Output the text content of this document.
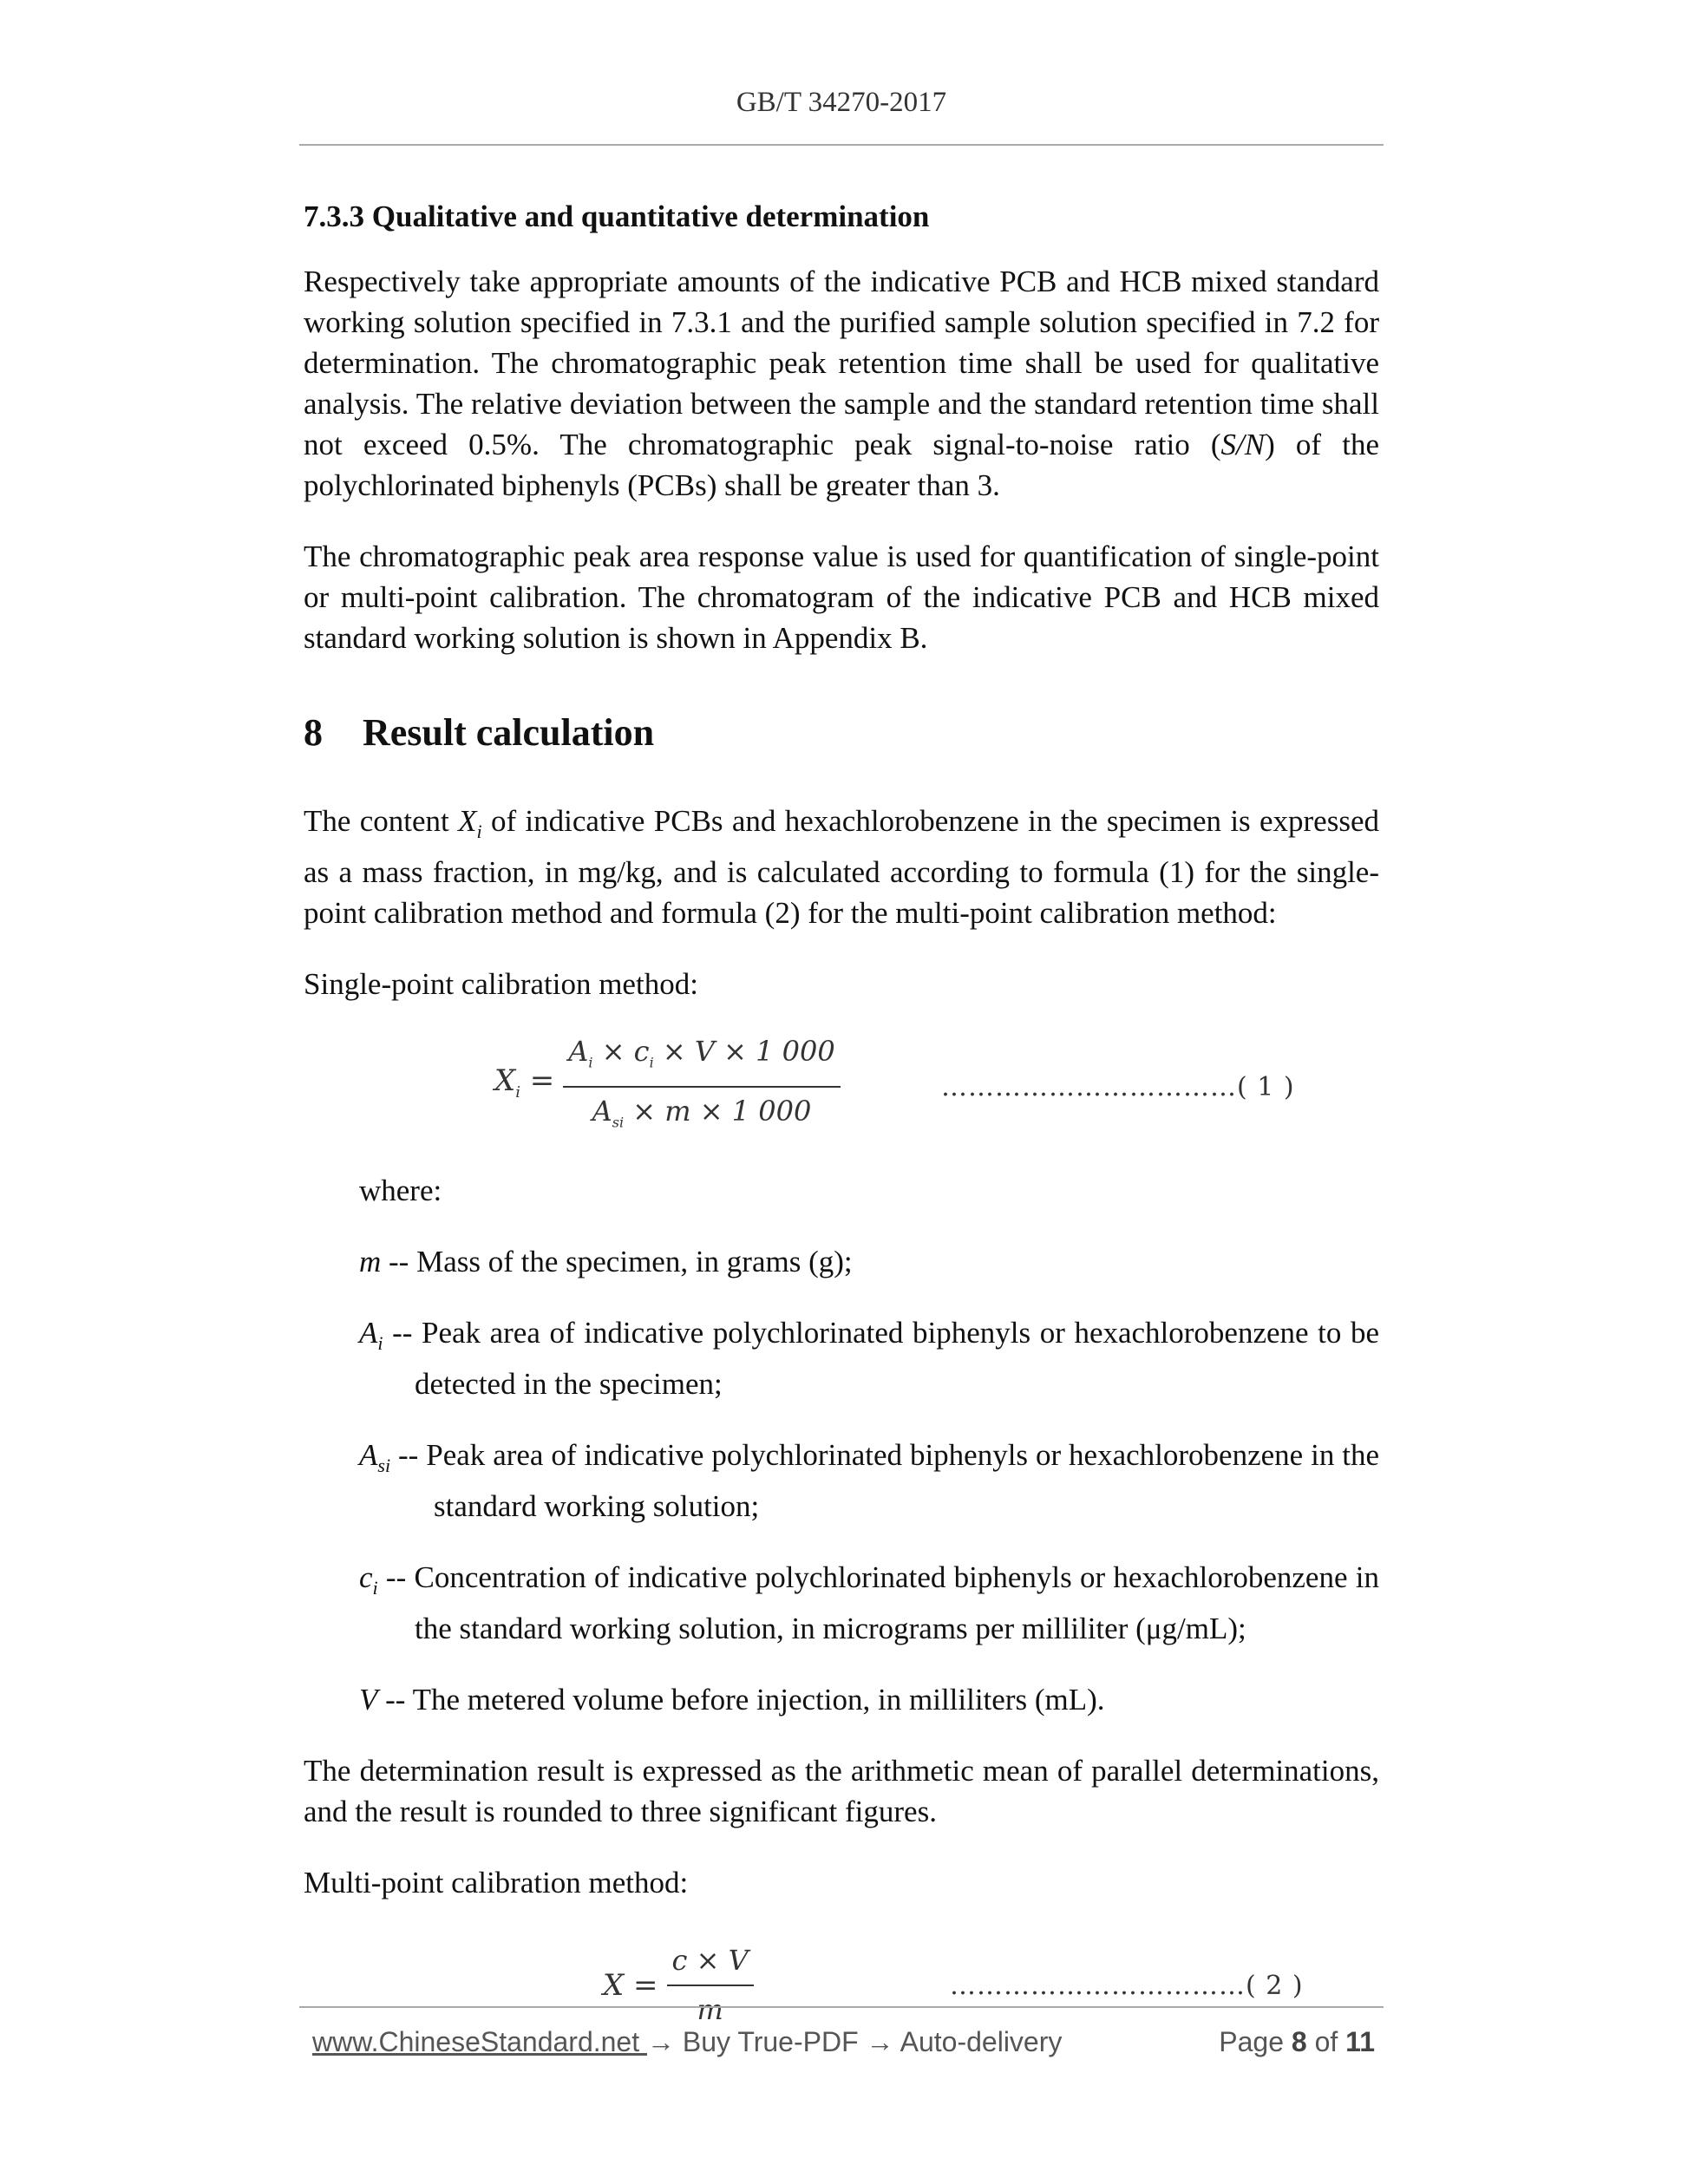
GB/T 34270-2017
7.3.3 Qualitative and quantitative determination

Respectively take appropriate amounts of the indicative PCB and HCB mixed standard working solution specified in 7.3.1 and the purified sample solution specified in 7.2 for determination. The chromatographic peak retention time shall be used for qualitative analysis. The relative deviation between the sample and the standard retention time shall not exceed 0.5%. The chromatographic peak signal-to-noise ratio (S/N) of the polychlorinated biphenyls (PCBs) shall be greater than 3.

The chromatographic peak area response value is used for quantification of single-point or multi-point calibration. The chromatogram of the indicative PCB and HCB mixed standard working solution is shown in Appendix B.

8 Result calculation

The content $X_i$ of indicative PCBs and hexachlorobenzene in the specimen is expressed as a mass fraction, in mg/kg, and is calculated according to formula (1) for the single-point calibration method and formula (2) for the multi-point calibration method:

Single-point calibration method:

$X_i = \frac{A_i \times c_i \times V \times 1 000}{A_{si} \times m \times 1 000}$	…………………………… ( 1 )

where:

m -- Mass of the specimen, in grams (g);
$A_i$ -- Peak area of indicative polychlorinated biphenyls or hexachlorobenzene to be detected in the specimen;
$A_{si}$ -- Peak area of indicative polychlorinated biphenyls or hexachlorobenzene in the standard working solution;
$c_i$ -- Concentration of indicative polychlorinated biphenyls or hexachlorobenzene in the standard working solution, in micrograms per milliliter (μg/mL);
V -- The metered volume before injection, in milliliters (mL).

The determination result is expressed as the arithmetic mean of parallel determinations, and the result is rounded to three significant figures.

Multi-point calibration method:

$X = \frac{c \times V}{m}$	…………………………… ( 2 )
www.ChineseStandard.net → Buy True-PDF → Auto-delivery	Page 8 of 11
